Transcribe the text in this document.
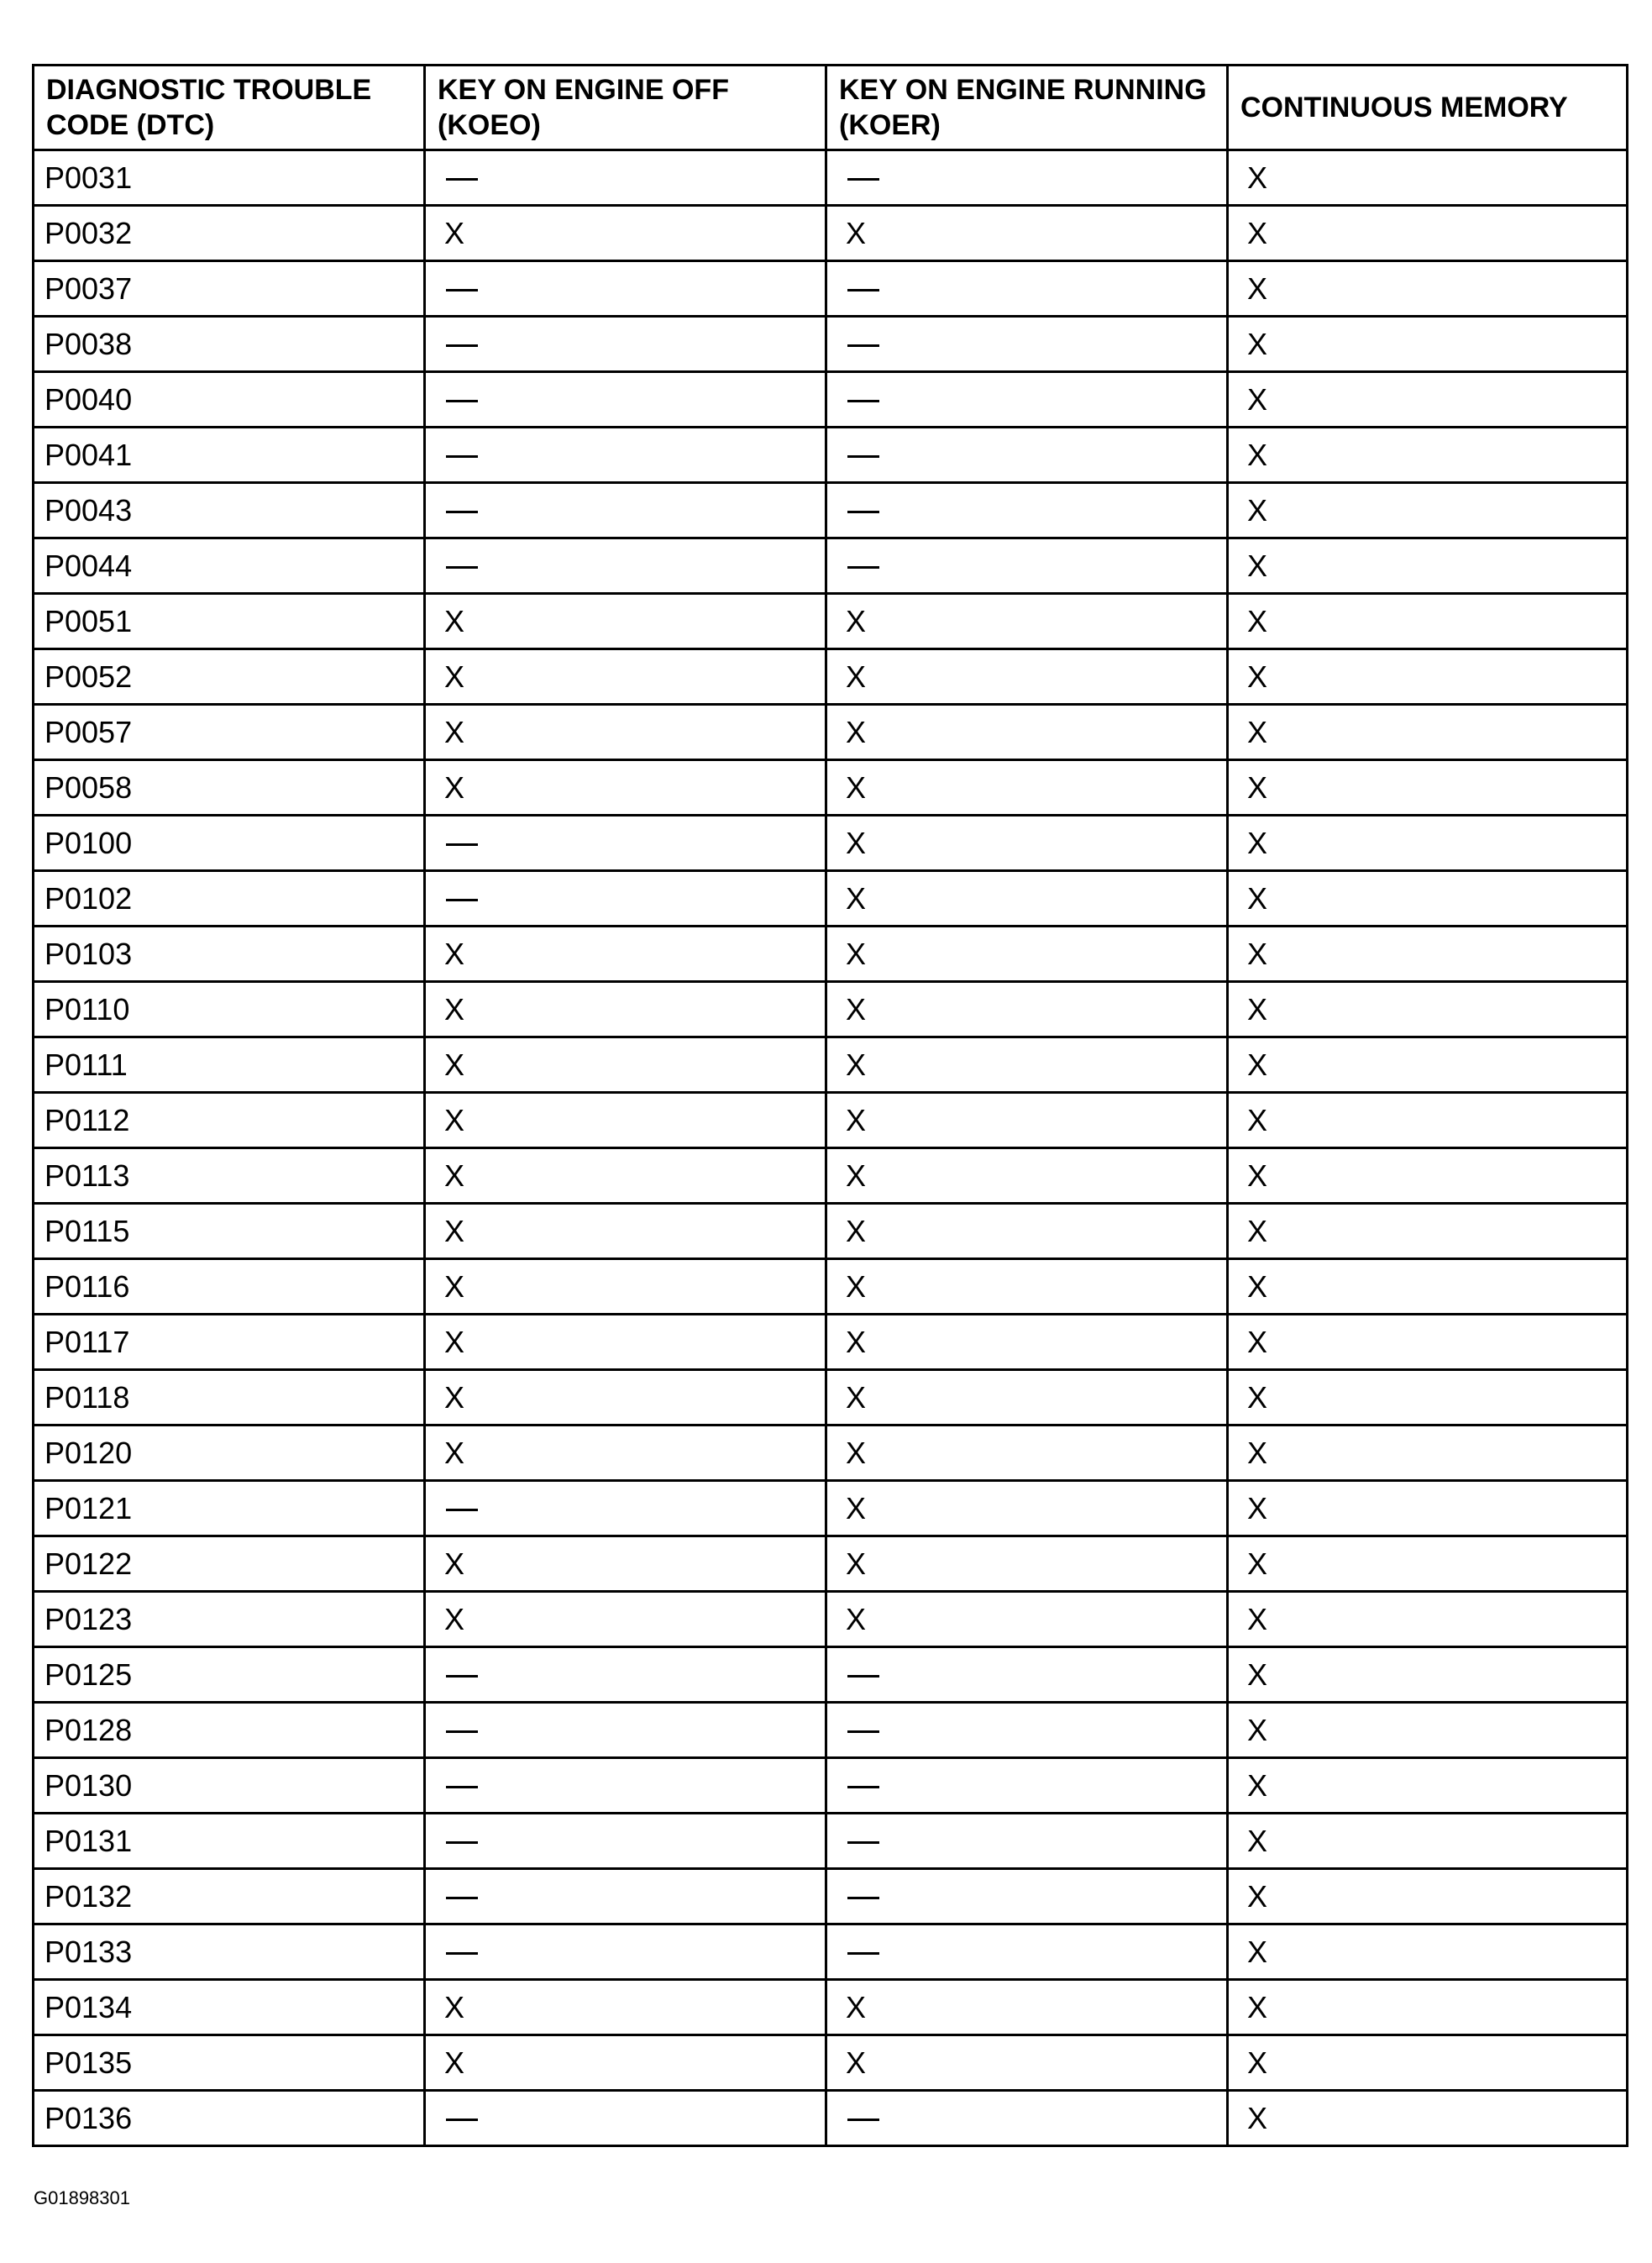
DIAGNOSTIC TROUBLE CODE (DTC)	KEY ON ENGINE OFF (KOEO)	KEY ON ENGINE RUNNING (KOER)	CONTINUOUS MEMORY
P0031			X
P0032	X	X	X
P0037			X
P0038			X
P0040			X
P0041			X
P0043			X
P0044			X
P0051	X	X	X
P0052	X	X	X
P0057	X	X	X
P0058	X	X	X
P0100		X	X
P0102		X	X
P0103	X	X	X
P0110	X	X	X
P0111	X	X	X
P0112	X	X	X
P0113	X	X	X
P0115	X	X	X
P0116	X	X	X
P0117	X	X	X
P0118	X	X	X
P0120	X	X	X
P0121		X	X
P0122	X	X	X
P0123	X	X	X
P0125			X
P0128			X
P0130			X
P0131			X
P0132			X
P0133			X
P0134	X	X	X
P0135	X	X	X
P0136			X
G01898301
